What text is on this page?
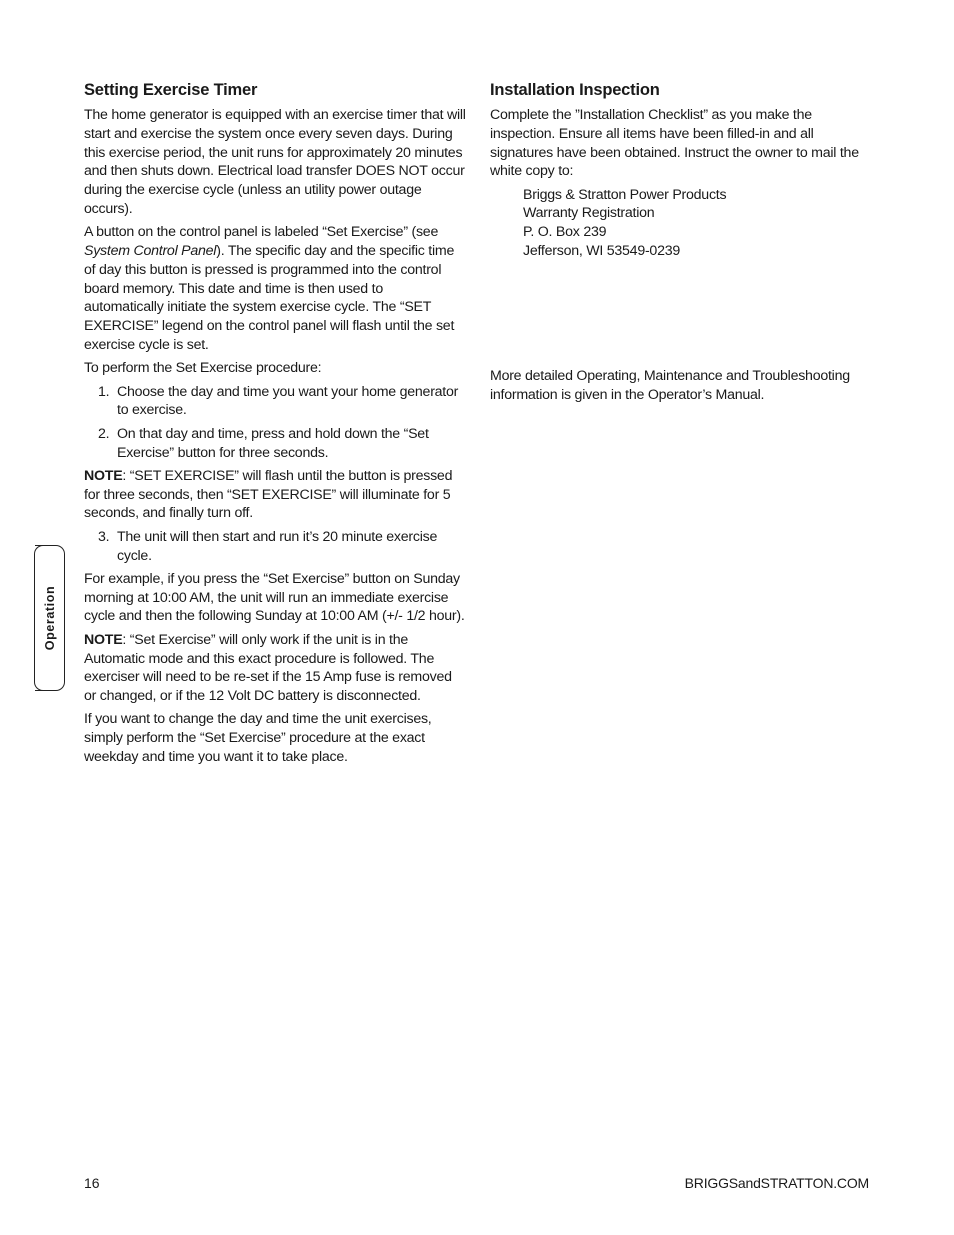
Setting Exercise Timer

The home generator is equipped with an exercise timer that will start and exercise the system once every seven days. During this exercise period, the unit runs for approximately 20 minutes and then shuts down. Electrical load transfer DOES NOT occur during the exercise cycle (unless an utility power outage occurs).

A button on the control panel is labeled “Set Exercise” (see System Control Panel). The specific day and the specific time of day this button is pressed is programmed into the control board memory. This date and time is then used to automatically initiate the system exercise cycle. The “SET EXERCISE” legend on the control panel will flash until the set exercise cycle is set.

To perform the Set Exercise procedure:

1. Choose the day and time you want your home generator to exercise.
2. On that day and time, press and hold down the “Set Exercise” button for three seconds.

NOTE: “SET EXERCISE” will flash until the button is pressed for three seconds, then “SET EXERCISE” will illuminate for 5 seconds, and finally turn off.

3. The unit will then start and run it’s 20 minute exercise cycle.

For example, if you press the “Set Exercise” button on Sunday morning at 10:00 AM, the unit will run an immediate exercise cycle and then the following Sunday at 10:00 AM (+/- 1/2 hour).

NOTE: “Set Exercise” will only work if the unit is in the Automatic mode and this exact procedure is followed. The exerciser will need to be re-set if the 15 Amp fuse is removed or changed, or if the 12 Volt DC battery is disconnected.

If you want to change the day and time the unit exercises, simply perform the “Set Exercise” procedure at the exact weekday and time you want it to take place.

Installation Inspection

Complete the ”Installation Checklist” as you make the inspection. Ensure all items have been filled-in and all signatures have been obtained. Instruct the owner to mail the white copy to:

Briggs & Stratton Power Products
Warranty Registration
P. O. Box 239
Jefferson, WI 53549-0239

More detailed Operating, Maintenance and Troubleshooting information is given in the Operator’s Manual.

Operation
16	BRIGGSandSTRATTON.COM
